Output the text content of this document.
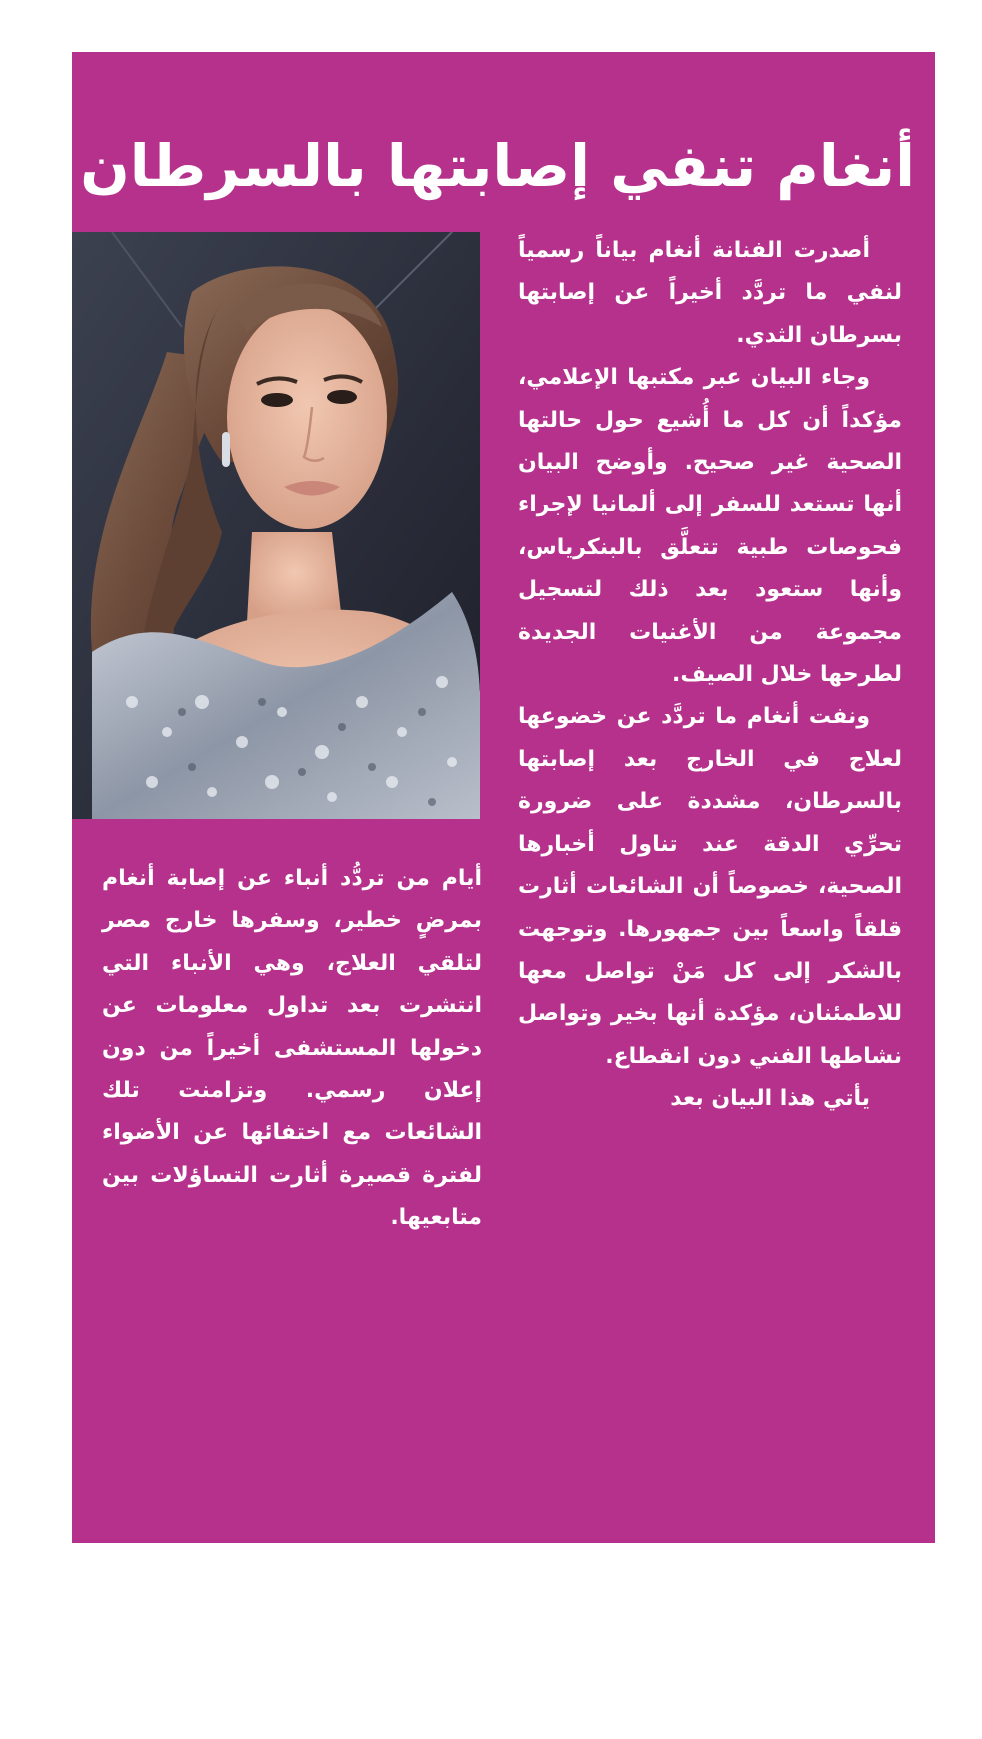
أنغام تنفي إصابتها بالسرطان

أصدرت الفنانة أنغام بياناً رسمياً لنفي ما تردَّد أخيراً عن إصابتها بسرطان الثدي.

وجاء البيان عبر مكتبها الإعلامي، مؤكداً أن كل ما أُشيع حول حالتها الصحية غير صحيح. وأوضح البيان أنها تستعد للسفر إلى ألمانيا لإجراء فحوصات طبية تتعلَّق بالبنكرياس، وأنها ستعود بعد ذلك لتسجيل مجموعة من الأغنيات الجديدة لطرحها خلال الصيف.

ونفت أنغام ما تردَّد عن خضوعها لعلاج في الخارج بعد إصابتها بالسرطان، مشددة على ضرورة تحرِّي الدقة عند تناول أخبارها الصحية، خصوصاً أن الشائعات أثارت قلقاً واسعاً بين جمهورها. وتوجهت بالشكر إلى كل مَنْ تواصل معها للاطمئنان، مؤكدة أنها بخير وتواصل نشاطها الفني دون انقطاع.

يأتي هذا البيان بعد

أيام من تردُّد أنباء عن إصابة أنغام بمرضٍ خطير، وسفرها خارج مصر لتلقي العلاج، وهي الأنباء التي انتشرت بعد تداول معلومات عن دخولها المستشفى أخيراً من دون إعلان رسمي. وتزامنت تلك الشائعات مع اختفائها عن الأضواء لفترة قصيرة أثارت التساؤلات بين متابعيها.
